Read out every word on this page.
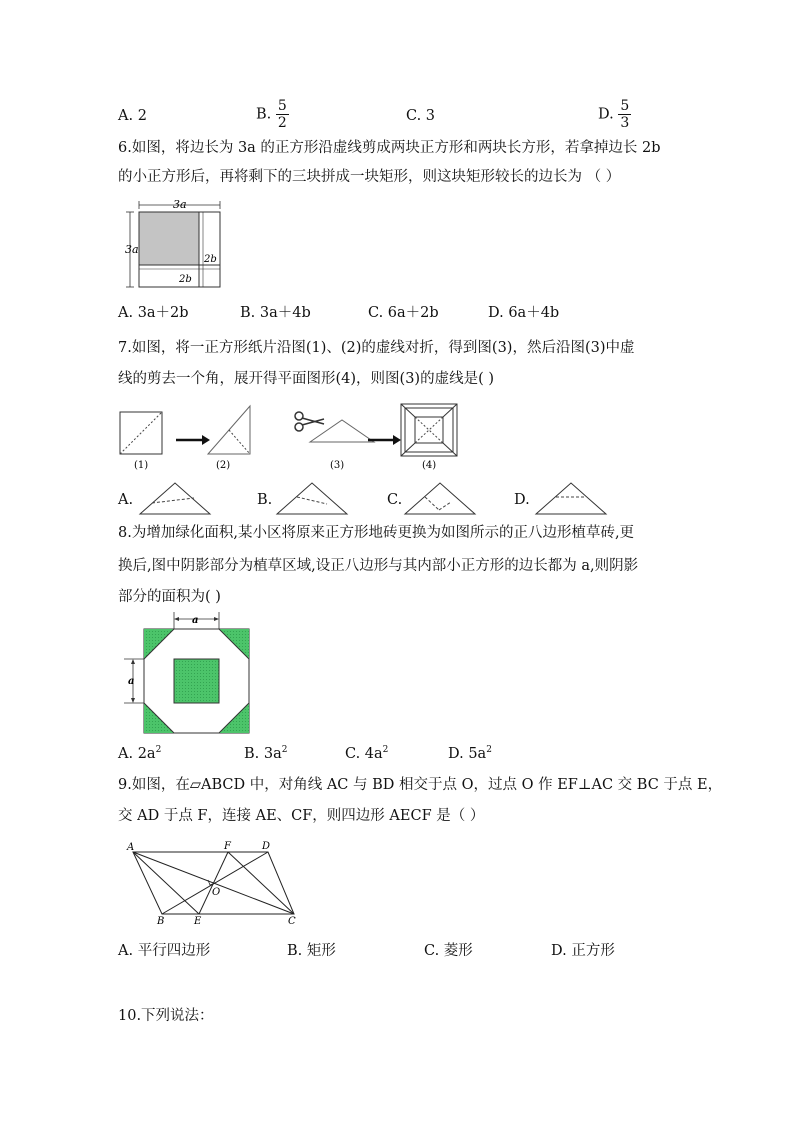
A. 2	B. $\frac{5}{2}$	C. 3	D. $\frac{5}{3}$
6.如图，将边长为 3a 的正方形沿虚线剪成两块正方形和两块长方形，若拿掉边长 2b
的小正方形后，再将剩下的三块拼成一块矩形，则这块矩形较长的边长为 （ ）
3a
3a
2b
2b
A. 3a＋2b	B. 3a＋4b	C. 6a＋2b	D. 6a＋4b
7.如图，将一正方形纸片沿图(1)、(2)的虚线对折，得到图(3)，然后沿图(3)中虚
线的剪去一个角，展开得平面图形(4)，则图(3)的虚线是( )
(1)	(2)	(3)	(4)
A.	B.	C.	D.
8.为增加绿化面积,某小区将原来正方形地砖更换为如图所示的正八边形植草砖,更
换后,图中阴影部分为植草区域,设正八边形与其内部小正方形的边长都为 a,则阴影
部分的面积为( )
a
a
A. $2a^2$	B. $3a^2$	C. $4a^2$	D. $5a^2$
9.如图，在▱ABCD 中，对角线 AC 与 BD 相交于点 O，过点 O 作 EF⊥AC 交 BC 于点 E，
交 AD 于点 F，连接 AE、CF，则四边形 AECF 是（ ）
A	F	D
O
B	E	C
A. 平行四边形	B. 矩形	C. 菱形	D. 正方形
10.下列说法：
